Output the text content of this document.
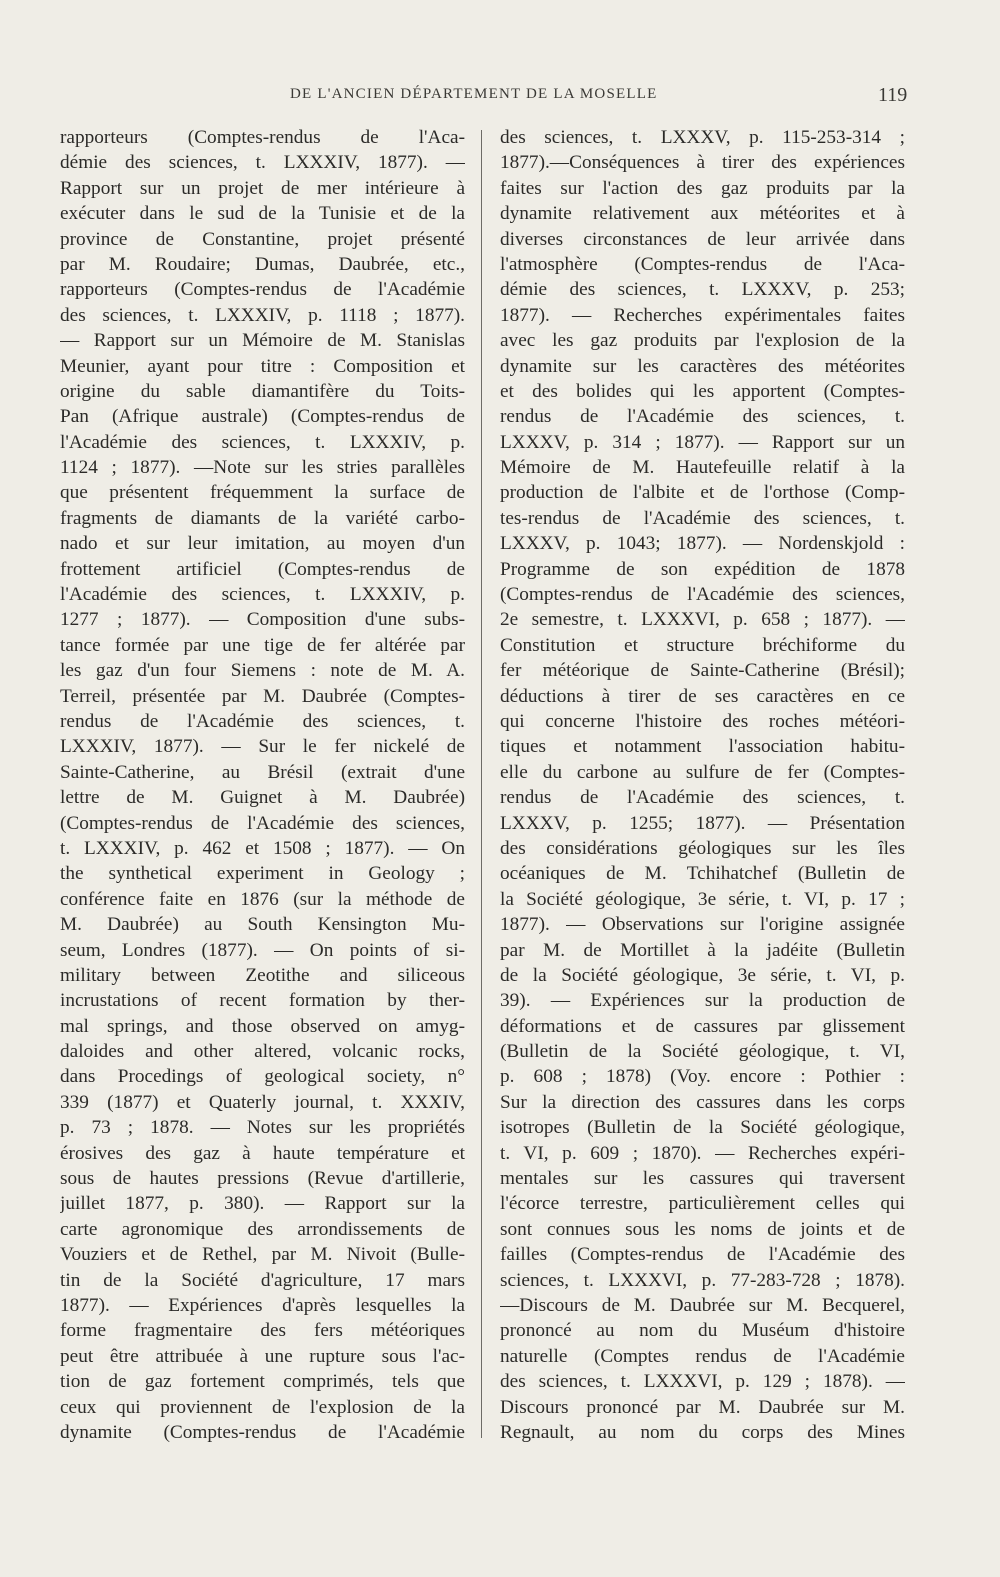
DE L'ANCIEN DÉPARTEMENT DE LA MOSELLE	119
rapporteurs (Comptes-rendus de l'Aca-
démie des sciences, t. LXXXIV, 1877). —
Rapport sur un projet de mer intérieure à
exécuter dans le sud de la Tunisie et de la
province de Constantine, projet présenté
par M. Roudaire; Dumas, Daubrée, etc.,
rapporteurs (Comptes-rendus de l'Académie
des sciences, t. LXXXIV, p. 1118 ; 1877).
— Rapport sur un Mémoire de M. Stanislas
Meunier, ayant pour titre : Composition et
origine du sable diamantifère du Toits-
Pan (Afrique australe) (Comptes-rendus de
l'Académie des sciences, t. LXXXIV, p.
1124 ; 1877). —Note sur les stries parallèles
que présentent fréquemment la surface de
fragments de diamants de la variété carbo-
nado et sur leur imitation, au moyen d'un
frottement artificiel (Comptes-rendus de
l'Académie des sciences, t. LXXXIV, p.
1277 ; 1877). — Composition d'une subs-
tance formée par une tige de fer altérée par
les gaz d'un four Siemens : note de M. A.
Terreil, présentée par M. Daubrée (Comptes-
rendus de l'Académie des sciences, t.
LXXXIV, 1877). — Sur le fer nickelé de
Sainte-Catherine, au Brésil (extrait d'une
lettre de M. Guignet à M. Daubrée)
(Comptes-rendus de l'Académie des sciences,
t. LXXXIV, p. 462 et 1508 ; 1877). — On
the synthetical experiment in Geology ;
conférence faite en 1876 (sur la méthode de
M. Daubrée) au South Kensington Mu-
seum, Londres (1877). — On points of si-
military between Zeotithe and siliceous
incrustations of recent formation by ther-
mal springs, and those observed on amyg-
daloides and other altered, volcanic rocks,
dans Procedings of geological society, n°
339 (1877) et Quaterly journal, t. XXXIV,
p. 73 ; 1878. — Notes sur les propriétés
érosives des gaz à haute température et
sous de hautes pressions (Revue d'artillerie,
juillet 1877, p. 380). — Rapport sur la
carte agronomique des arrondissements de
Vouziers et de Rethel, par M. Nivoit (Bulle-
tin de la Société d'agriculture, 17 mars
1877). — Expériences d'après lesquelles la
forme fragmentaire des fers météoriques
peut être attribuée à une rupture sous l'ac-
tion de gaz fortement comprimés, tels que
ceux qui proviennent de l'explosion de la
dynamite (Comptes-rendus de l'Académie
des sciences, t. LXXXV, p. 115-253-314 ;
1877).—Conséquences à tirer des expériences
faites sur l'action des gaz produits par la
dynamite relativement aux météorites et à
diverses circonstances de leur arrivée dans
l'atmosphère (Comptes-rendus de l'Aca-
démie des sciences, t. LXXXV, p. 253;
1877). — Recherches expérimentales faites
avec les gaz produits par l'explosion de la
dynamite sur les caractères des météorites
et des bolides qui les apportent (Comptes-
rendus de l'Académie des sciences, t.
LXXXV, p. 314 ; 1877). — Rapport sur un
Mémoire de M. Hautefeuille relatif à la
production de l'albite et de l'orthose (Comp-
tes-rendus de l'Académie des sciences, t.
LXXXV, p. 1043; 1877). — Nordenskjold :
Programme de son expédition de 1878
(Comptes-rendus de l'Académie des sciences,
2e semestre, t. LXXXVI, p. 658 ; 1877). —
Constitution et structure bréchiforme du
fer météorique de Sainte-Catherine (Brésil);
déductions à tirer de ses caractères en ce
qui concerne l'histoire des roches météori-
tiques et notamment l'association habitu-
elle du carbone au sulfure de fer (Comptes-
rendus de l'Académie des sciences, t.
LXXXV, p. 1255; 1877). — Présentation
des considérations géologiques sur les îles
océaniques de M. Tchihatchef (Bulletin de
la Société géologique, 3e série, t. VI, p. 17 ;
1877). — Observations sur l'origine assignée
par M. de Mortillet à la jadéite (Bulletin
de la Société géologique, 3e série, t. VI, p.
39). — Expériences sur la production de
déformations et de cassures par glissement
(Bulletin de la Société géologique, t. VI,
p. 608 ; 1878) (Voy. encore : Pothier :
Sur la direction des cassures dans les corps
isotropes (Bulletin de la Société géologique,
t. VI, p. 609 ; 1870). — Recherches expéri-
mentales sur les cassures qui traversent
l'écorce terrestre, particulièrement celles qui
sont connues sous les noms de joints et de
failles (Comptes-rendus de l'Académie des
sciences, t. LXXXVI, p. 77-283-728 ; 1878).
—Discours de M. Daubrée sur M. Becquerel,
prononcé au nom du Muséum d'histoire
naturelle (Comptes rendus de l'Académie
des sciences, t. LXXXVI, p. 129 ; 1878). —
Discours prononcé par M. Daubrée sur M.
Regnault, au nom du corps des Mines
